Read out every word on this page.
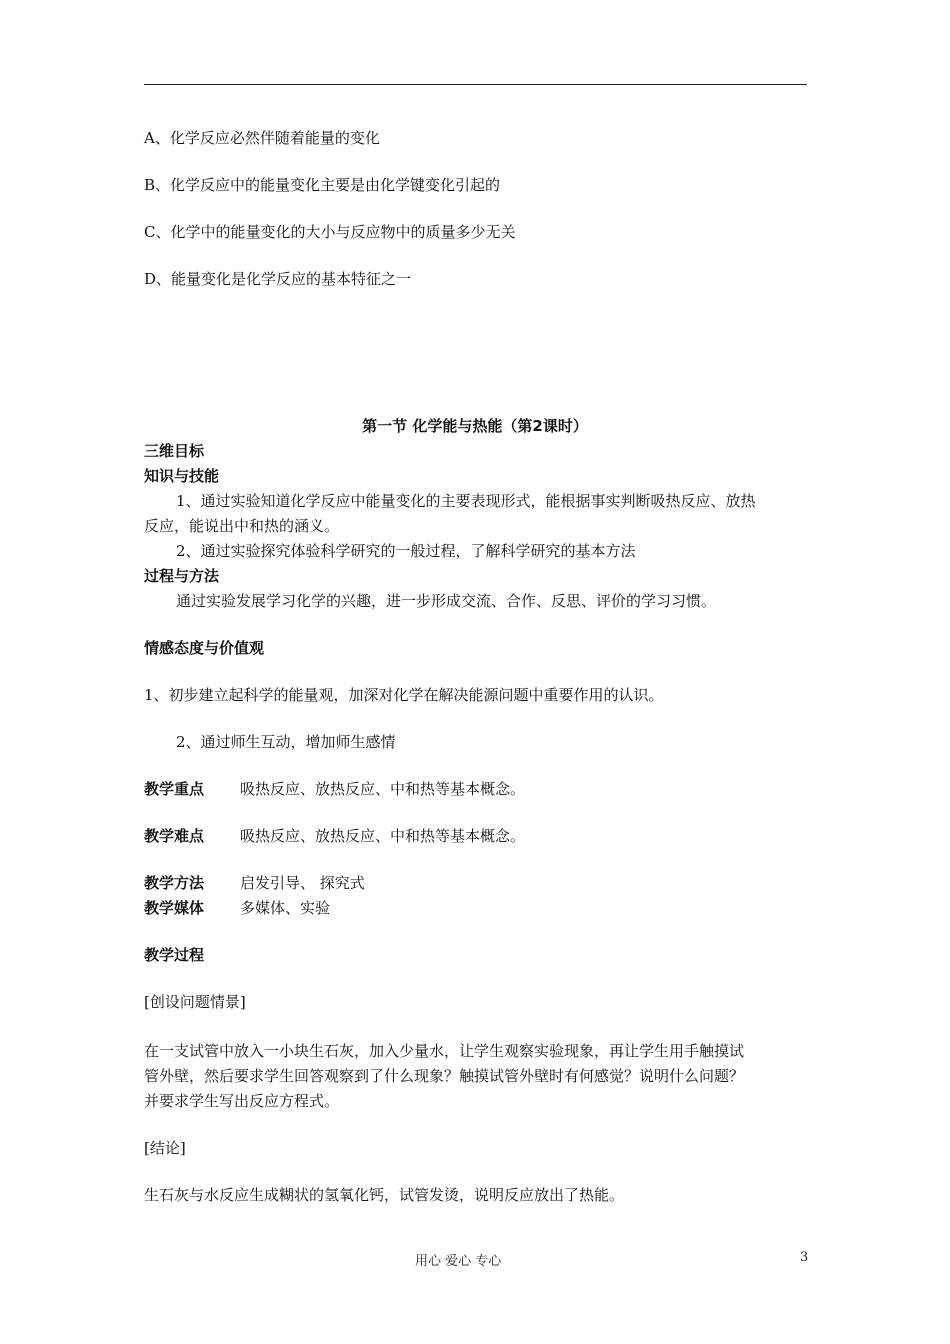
A、化学反应必然伴随着能量的变化
B、化学反应中的能量变化主要是由化学键变化引起的
C、化学中的能量变化的大小与反应物中的质量多少无关
D、能量变化是化学反应的基本特征之一
第一节 化学能与热能（第2课时）
三维目标
知识与技能
1、通过实验知道化学反应中能量变化的主要表现形式，能根据事实判断吸热反应、放热
反应，能说出中和热的涵义。
2、通过实验探究体验科学研究的一般过程，了解科学研究的基本方法
过程与方法
通过实验发展学习化学的兴趣，进一步形成交流、合作、反思、评价的学习习惯。
情感态度与价值观
1、初步建立起科学的能量观，加深对化学在解决能源问题中重要作用的认识。
2、通过师生互动，增加师生感情
教学重点 吸热反应、放热反应、中和热等基本概念。
教学难点 吸热反应、放热反应、中和热等基本概念。
教学方法 启发引导、 探究式
教学媒体 多媒体、实验
教学过程
[创设问题情景]
在一支试管中放入一小块生石灰，加入少量水，让学生观察实验现象，再让学生用手触摸试
管外壁，然后要求学生回答观察到了什么现象？触摸试管外壁时有何感觉？说明什么问题？
并要求学生写出反应方程式。
[结论]
生石灰与水反应生成糊状的氢氧化钙，试管发烫，说明反应放出了热能。
用心 爱心 专心	3
